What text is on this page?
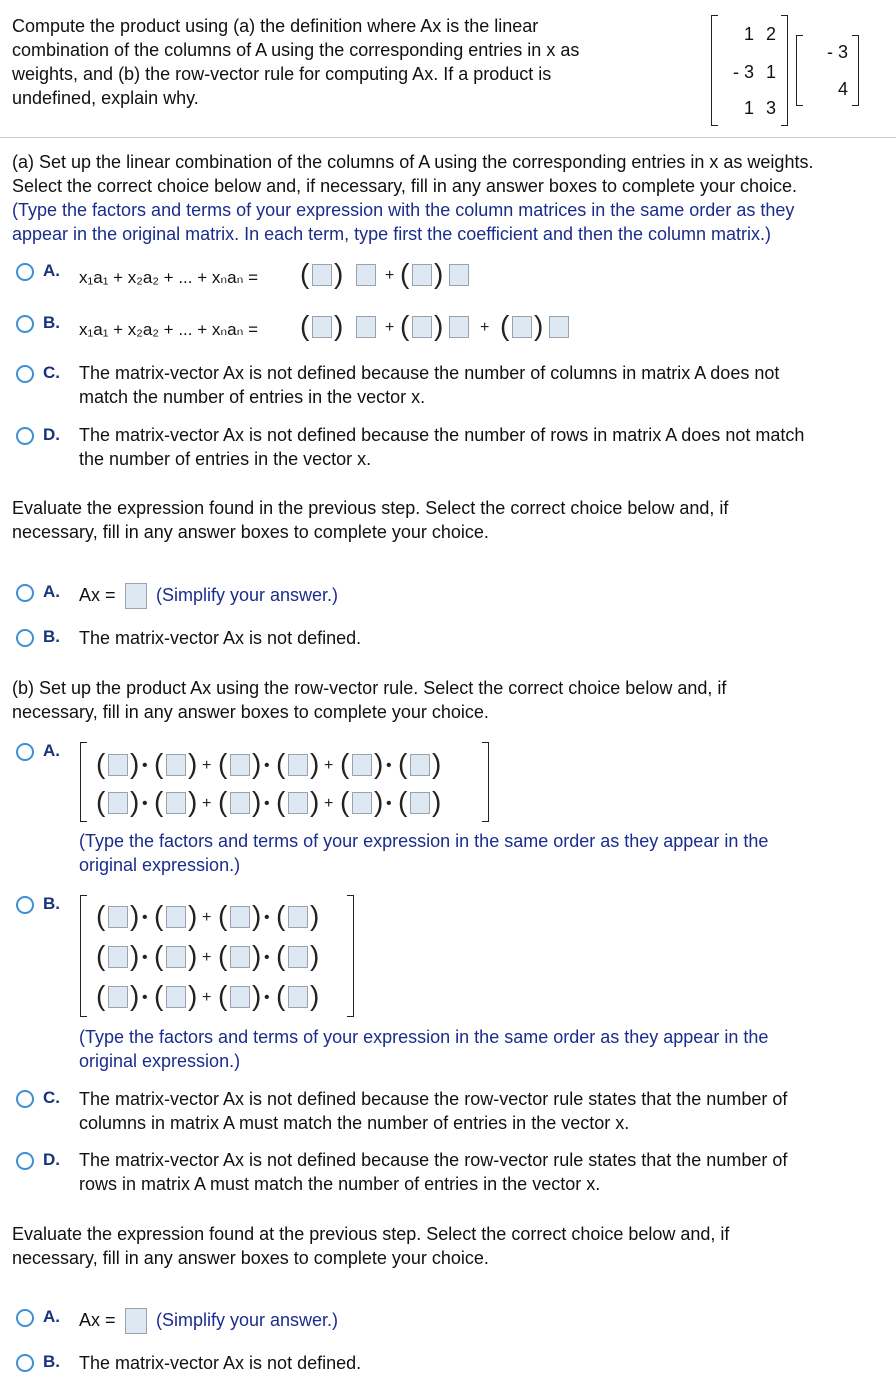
Compute the product using (a) the definition where Ax is the linear
combination of the columns of A using the corresponding entries in x as
weights, and (b) the row-vector rule for computing Ax. If a product is
undefined, explain why.
1 2
- 3 1
1 3
- 3
4
(a) Set up the linear combination of the columns of A using the corresponding entries in x as weights.
Select the correct choice below and, if necessary, fill in any answer boxes to complete your choice.
(Type the factors and terms of your expression with the column matrices in the same order as they
appear in the original matrix. In each term, type first the coefficient and then the column matrix.)
A. x₁a₁ + x₂a₂ + ... + xₙaₙ = ( )	+ ( )
B. x₁a₁ + x₂a₂ + ... + xₙaₙ = ( )	+ ( ) + ( )
C. The matrix-vector Ax is not defined because the number of columns in matrix A does not
match the number of entries in the vector x.
D. The matrix-vector Ax is not defined because the number of rows in matrix A does not match
the number of entries in the vector x.
Evaluate the expression found in the previous step. Select the correct choice below and, if
necessary, fill in any answer boxes to complete your choice.
A. Ax = (Simplify your answer.)
B. The matrix-vector Ax is not defined.
(b) Set up the product Ax using the row-vector rule. Select the correct choice below and, if
necessary, fill in any answer boxes to complete your choice.
A. ( ) • ( ) + ( ) • ( ) + ( ) • ( )
( ) • ( ) + ( ) • ( ) + ( ) • ( )
(Type the factors and terms of your expression in the same order as they appear in the
original expression.)
B. ( ) • ( ) + ( ) • ( )
( ) • ( ) + ( ) • ( )
( ) • ( ) + ( ) • ( )
(Type the factors and terms of your expression in the same order as they appear in the
original expression.)
C. The matrix-vector Ax is not defined because the row-vector rule states that the number of
columns in matrix A must match the number of entries in the vector x.
D. The matrix-vector Ax is not defined because the row-vector rule states that the number of
rows in matrix A must match the number of entries in the vector x.
Evaluate the expression found at the previous step. Select the correct choice below and, if
necessary, fill in any answer boxes to complete your choice.
A. Ax = (Simplify your answer.)
B. The matrix-vector Ax is not defined.
